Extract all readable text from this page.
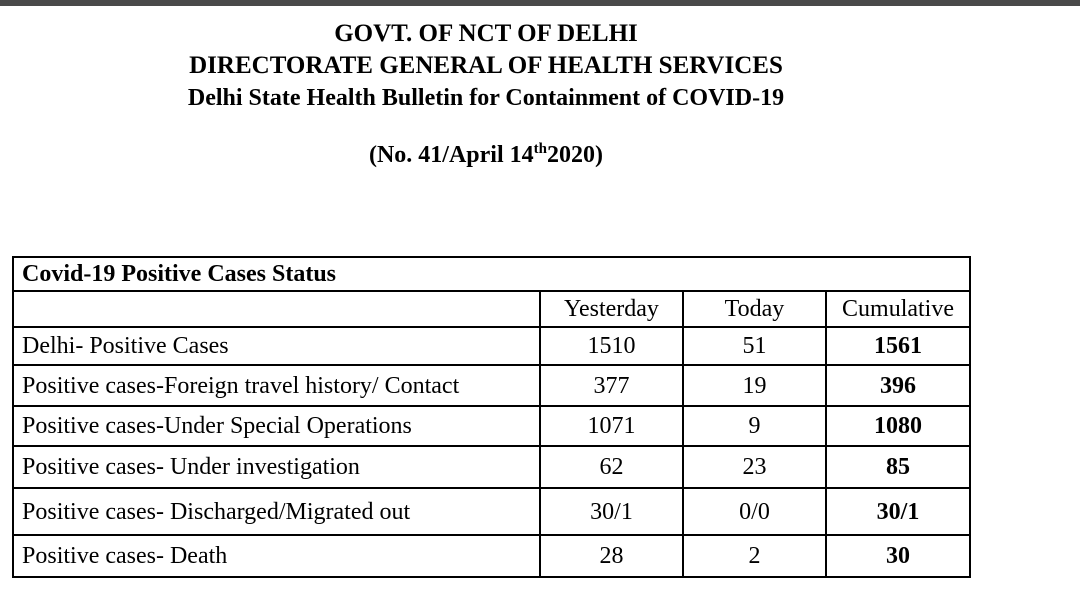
GOVT. OF NCT OF DELHI
DIRECTORATE GENERAL OF HEALTH SERVICES
Delhi State Health Bulletin for Containment of COVID-19
(No. 41/April 14th2020)
Covid-19 Positive Cases Status			
	Yesterday	Today	Cumulative
Delhi- Positive Cases	1510	51	1561
Positive cases-Foreign travel history/ Contact	377	19	396
Positive cases-Under Special Operations	1071	9	1080
Positive cases- Under investigation	62	23	85
Positive cases- Discharged/Migrated out	30/1	0/0	30/1
Positive cases- Death	28	2	30
